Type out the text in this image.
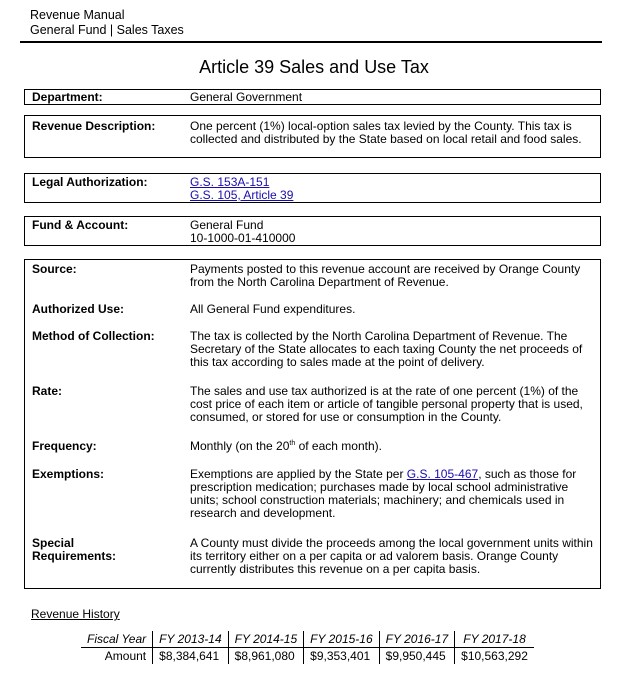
Revenue Manual
General Fund | Sales Taxes
Article 39 Sales and Use Tax
Department:	General Government
Revenue Description:	One percent (1%) local-option sales tax levied by the County. This tax is
collected and distributed by the State based on local retail and food sales.
Legal Authorization:	G.S. 153A-151
G.S. 105, Article 39
Fund & Account:	General Fund
10-1000-01-410000
Source:	Payments posted to this revenue account are received by Orange County
from the North Carolina Department of Revenue.
Authorized Use:	All General Fund expenditures.
Method of Collection:	The tax is collected by the North Carolina Department of Revenue. The
Secretary of the State allocates to each taxing County the net proceeds of
this tax according to sales made at the point of delivery.
Rate:	The sales and use tax authorized is at the rate of one percent (1%) of the
cost price of each item or article of tangible personal property that is used,
consumed, or stored for use or consumption in the County.
Frequency:	Monthly (on the 20th of each month).
Exemptions:	Exemptions are applied by the State per G.S. 105-467, such as those for
prescription medication; purchases made by local school administrative
units; school construction materials; machinery; and chemicals used in
research and development.
Special
Requirements:
A County must divide the proceeds among the local government units within
its territory either on a per capita or ad valorem basis. Orange County
currently distributes this revenue on a per capita basis.
Revenue History
Fiscal Year	FY 2013-14	FY 2014-15	FY 2015-16	FY 2016-17	FY 2017-18
Amount	$8,384,641	$8,961,080	$9,353,401	$9,950,445	$10,563,292
